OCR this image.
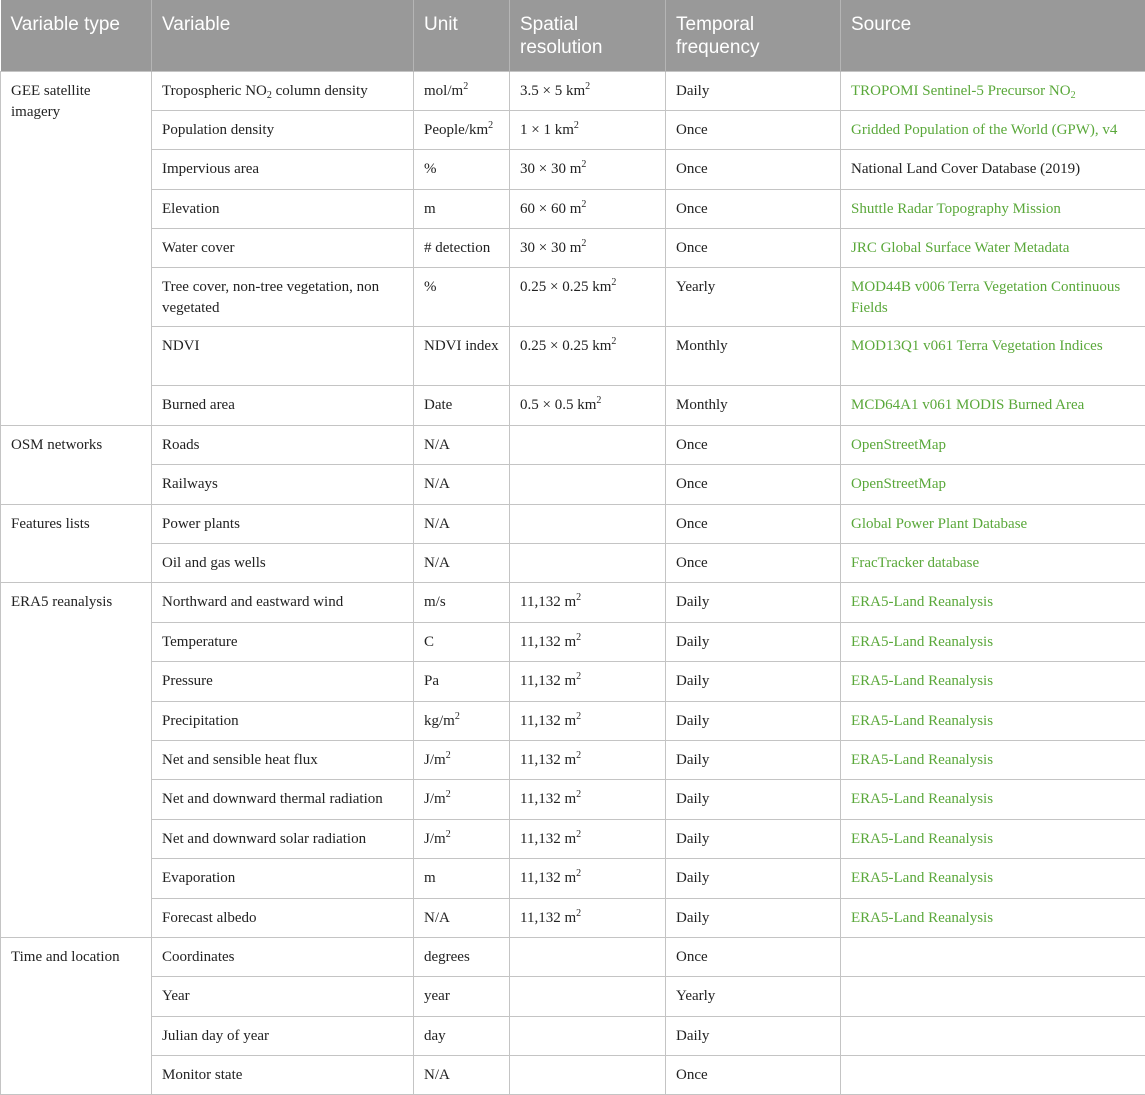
Variable type	Variable	Unit	Spatial resolution	Temporal frequency	Source
GEE satellite imagery	Tropospheric $NO_2$ column density	mol/$m^2$	3.5 × 5 $km^2$	Daily	TROPOMI Sentinel-5 Precursor $NO_2$
	Population density	People/$km^2$	1 × 1 $km^2$	Once	Gridded Population of the World (GPW), v4
	Impervious area	%	30 × 30 $m^2$	Once	National Land Cover Database (2019)
	Elevation	m	60 × 60 $m^2$	Once	Shuttle Radar Topography Mission
	Water cover	# detection	30 × 30 $m^2$	Once	JRC Global Surface Water Metadata
	Tree cover, non-tree vegetation, non vegetated	%	0.25 × 0.25 $km^2$	Yearly	MOD44B v006 Terra Vegetation Continuous Fields
	NDVI	NDVI index	0.25 × 0.25 $km^2$	Monthly	MOD13Q1 v061 Terra Vegetation Indices
	Burned area	Date	0.5 × 0.5 $km^2$	Monthly	MCD64A1 v061 MODIS Burned Area
OSM networks	Roads	N/A		Once	OpenStreetMap
	Railways	N/A		Once	OpenStreetMap
Features lists	Power plants	N/A		Once	Global Power Plant Database
	Oil and gas wells	N/A		Once	FracTracker database
ERA5 reanalysis	Northward and eastward wind	m/s	11,132 $m^2$	Daily	ERA5-Land Reanalysis
	Temperature	C	11,132 $m^2$	Daily	ERA5-Land Reanalysis
	Pressure	Pa	11,132 $m^2$	Daily	ERA5-Land Reanalysis
	Precipitation	$kg/m^2$	11,132 $m^2$	Daily	ERA5-Land Reanalysis
	Net and sensible heat flux	$J/m^2$	11,132 $m^2$	Daily	ERA5-Land Reanalysis
	Net and downward thermal radiation	$J/m^2$	11,132 $m^2$	Daily	ERA5-Land Reanalysis
	Net and downward solar radiation	$J/m^2$	11,132 $m^2$	Daily	ERA5-Land Reanalysis
	Evaporation	m	11,132 $m^2$	Daily	ERA5-Land Reanalysis
	Forecast albedo	N/A	11,132 $m^2$	Daily	ERA5-Land Reanalysis
Time and location	Coordinates	degrees		Once	
	Year	year		Yearly	
	Julian day of year	day		Daily	
	Monitor state	N/A		Once	
